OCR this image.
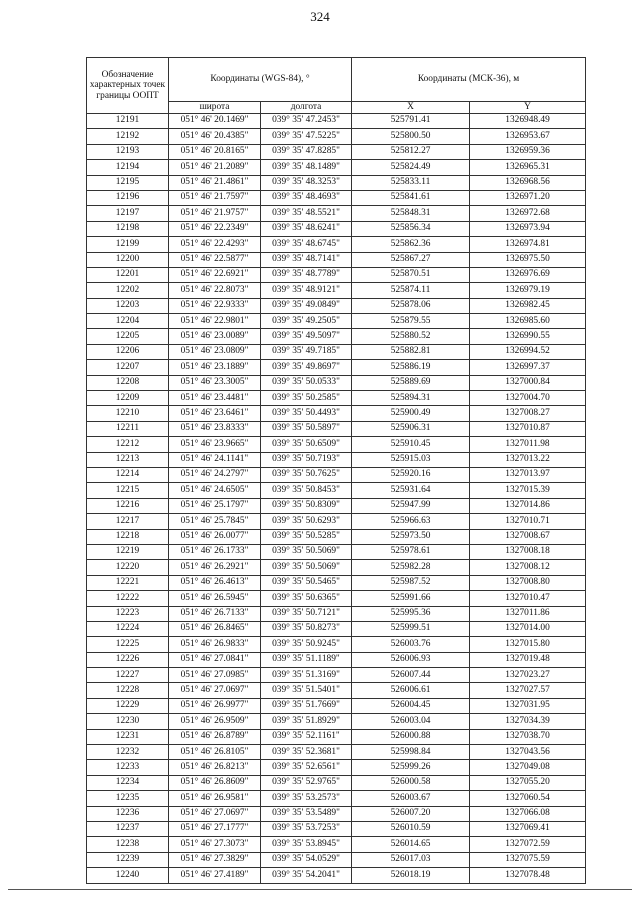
324
Обозначение характерных точек границы ООПТ	Координаты (WGS-84), °		Координаты (МСК-36), м	
	широта	долгота	X	Y
12191	051° 46' 20.1469"	039° 35' 47.2453"	525791.41	1326948.49
12192	051° 46' 20.4385"	039° 35' 47.5225"	525800.50	1326953.67
12193	051° 46' 20.8165"	039° 35' 47.8285"	525812.27	1326959.36
12194	051° 46' 21.2089"	039° 35' 48.1489"	525824.49	1326965.31
12195	051° 46' 21.4861"	039° 35' 48.3253"	525833.11	1326968.56
12196	051° 46' 21.7597"	039° 35' 48.4693"	525841.61	1326971.20
12197	051° 46' 21.9757"	039° 35' 48.5521"	525848.31	1326972.68
12198	051° 46' 22.2349"	039° 35' 48.6241"	525856.34	1326973.94
12199	051° 46' 22.4293"	039° 35' 48.6745"	525862.36	1326974.81
12200	051° 46' 22.5877"	039° 35' 48.7141"	525867.27	1326975.50
12201	051° 46' 22.6921"	039° 35' 48.7789"	525870.51	1326976.69
12202	051° 46' 22.8073"	039° 35' 48.9121"	525874.11	1326979.19
12203	051° 46' 22.9333"	039° 35' 49.0849"	525878.06	1326982.45
12204	051° 46' 22.9801"	039° 35' 49.2505"	525879.55	1326985.60
12205	051° 46' 23.0089"	039° 35' 49.5097"	525880.52	1326990.55
12206	051° 46' 23.0809"	039° 35' 49.7185"	525882.81	1326994.52
12207	051° 46' 23.1889"	039° 35' 49.8697"	525886.19	1326997.37
12208	051° 46' 23.3005"	039° 35' 50.0533"	525889.69	1327000.84
12209	051° 46' 23.4481"	039° 35' 50.2585"	525894.31	1327004.70
12210	051° 46' 23.6461"	039° 35' 50.4493"	525900.49	1327008.27
12211	051° 46' 23.8333"	039° 35' 50.5897"	525906.31	1327010.87
12212	051° 46' 23.9665"	039° 35' 50.6509"	525910.45	1327011.98
12213	051° 46' 24.1141"	039° 35' 50.7193"	525915.03	1327013.22
12214	051° 46' 24.2797"	039° 35' 50.7625"	525920.16	1327013.97
12215	051° 46' 24.6505"	039° 35' 50.8453"	525931.64	1327015.39
12216	051° 46' 25.1797"	039° 35' 50.8309"	525947.99	1327014.86
12217	051° 46' 25.7845"	039° 35' 50.6293"	525966.63	1327010.71
12218	051° 46' 26.0077"	039° 35' 50.5285"	525973.50	1327008.67
12219	051° 46' 26.1733"	039° 35' 50.5069"	525978.61	1327008.18
12220	051° 46' 26.2921"	039° 35' 50.5069"	525982.28	1327008.12
12221	051° 46' 26.4613"	039° 35' 50.5465"	525987.52	1327008.80
12222	051° 46' 26.5945"	039° 35' 50.6365"	525991.66	1327010.47
12223	051° 46' 26.7133"	039° 35' 50.7121"	525995.36	1327011.86
12224	051° 46' 26.8465"	039° 35' 50.8273"	525999.51	1327014.00
12225	051° 46' 26.9833"	039° 35' 50.9245"	526003.76	1327015.80
12226	051° 46' 27.0841"	039° 35' 51.1189"	526006.93	1327019.48
12227	051° 46' 27.0985"	039° 35' 51.3169"	526007.44	1327023.27
12228	051° 46' 27.0697"	039° 35' 51.5401"	526006.61	1327027.57
12229	051° 46' 26.9977"	039° 35' 51.7669"	526004.45	1327031.95
12230	051° 46' 26.9509"	039° 35' 51.8929"	526003.04	1327034.39
12231	051° 46' 26.8789"	039° 35' 52.1161"	526000.88	1327038.70
12232	051° 46' 26.8105"	039° 35' 52.3681"	525998.84	1327043.56
12233	051° 46' 26.8213"	039° 35' 52.6561"	525999.26	1327049.08
12234	051° 46' 26.8609"	039° 35' 52.9765"	526000.58	1327055.20
12235	051° 46' 26.9581"	039° 35' 53.2573"	526003.67	1327060.54
12236	051° 46' 27.0697"	039° 35' 53.5489"	526007.20	1327066.08
12237	051° 46' 27.1777"	039° 35' 53.7253"	526010.59	1327069.41
12238	051° 46' 27.3073"	039° 35' 53.8945"	526014.65	1327072.59
12239	051° 46' 27.3829"	039° 35' 54.0529"	526017.03	1327075.59
12240	051° 46' 27.4189"	039° 35' 54.2041"	526018.19	1327078.48
